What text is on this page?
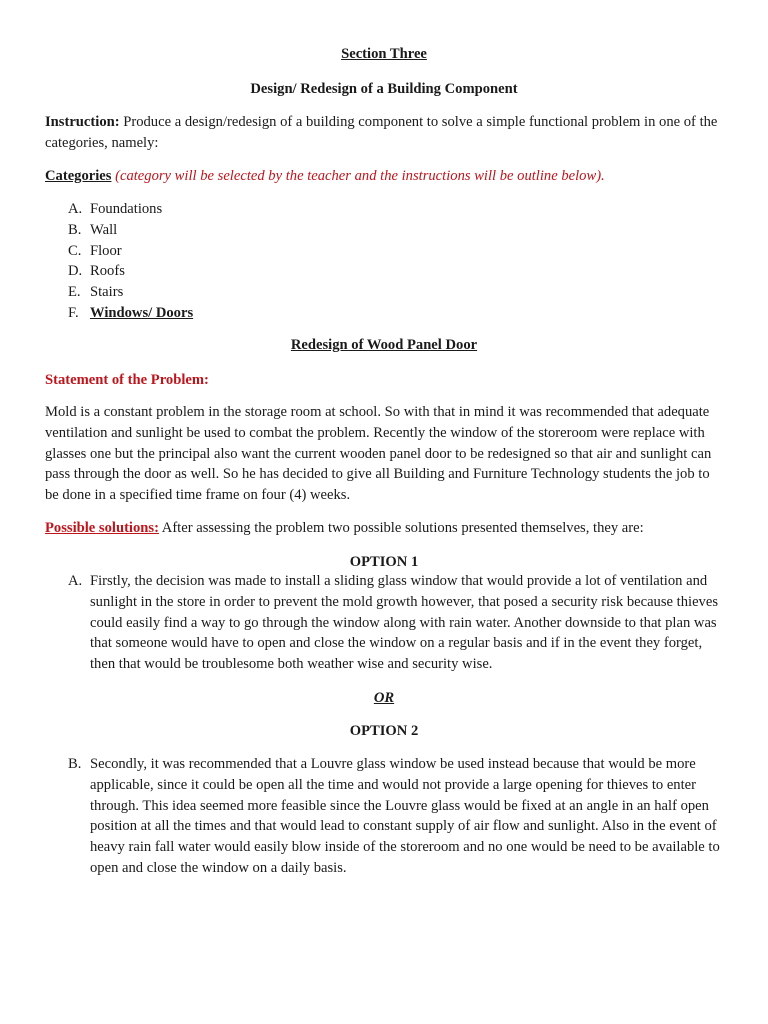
Section Three

Design/ Redesign of a Building Component

Instruction: Produce a design/redesign of a building component to solve a simple functional problem in one of the categories, namely:

Categories (category will be selected by the teacher and the instructions will be outline below).

A. Foundations
B. Wall
C. Floor
D. Roofs
E. Stairs
F. Windows/ Doors

Redesign of Wood Panel Door

Statement of the Problem:

Mold is a constant problem in the storage room at school. So with that in mind it was recommended that adequate ventilation and sunlight be used to combat the problem. Recently the window of the storeroom were replace with glasses one but the principal also want the current wooden panel door to be redesigned so that air and sunlight can pass through the door as well. So he has decided to give all Building and Furniture Technology students the job to be done in a specified time frame on four (4) weeks.

Possible solutions: After assessing the problem two possible solutions presented themselves, they are:

OPTION 1

A. Firstly, the decision was made to install a sliding glass window that would provide a lot of ventilation and sunlight in the store in order to prevent the mold growth however, that posed a security risk because thieves could easily find a way to go through the window along with rain water. Another downside to that plan was that someone would have to open and close the window on a regular basis and if in the event they forget, then that would be troublesome both weather wise and security wise.

OR

OPTION 2

B. Secondly, it was recommended that a Louvre glass window be used instead because that would be more applicable, since it could be open all the time and would not provide a large opening for thieves to enter through. This idea seemed more feasible since the Louvre glass would be fixed at an angle in an half open position at all the times and that would lead to constant supply of air flow and sunlight. Also in the event of heavy rain fall water would easily blow inside of the storeroom and no one would be need to be available to open and close the window on a daily basis.
